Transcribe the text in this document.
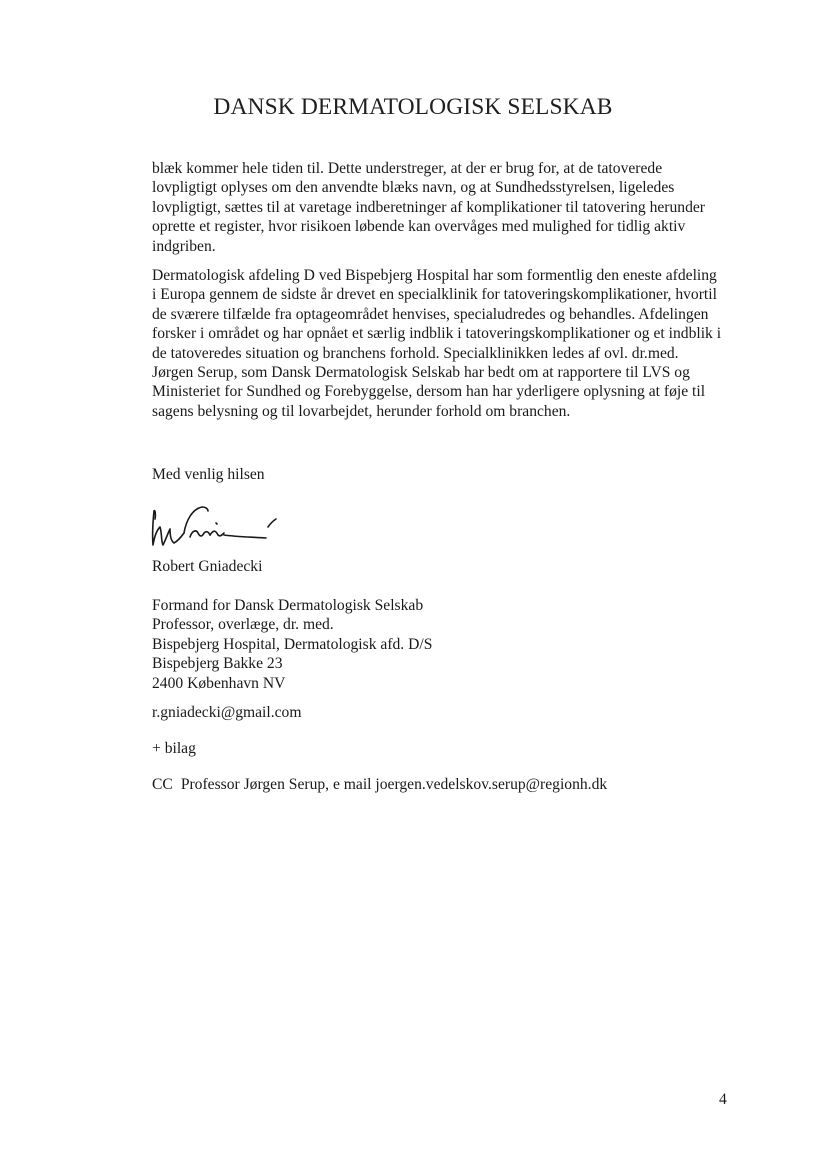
DANSK DERMATOLOGISK SELSKAB
blæk kommer hele tiden til. Dette understreger, at der er brug for, at de tatoverede
lovpligtigt oplyses om den anvendte blæks navn, og at Sundhedsstyrelsen, ligeledes
lovpligtigt, sættes til at varetage indberetninger af komplikationer til tatovering herunder
oprette et register, hvor risikoen løbende kan overvåges med mulighed for tidlig aktiv
indgriben.
Dermatologisk afdeling D ved Bispebjerg Hospital har som formentlig den eneste afdeling
i Europa gennem de sidste år drevet en specialklinik for tatoveringskomplikationer, hvortil
de sværere tilfælde fra optageområdet henvises, specialudredes og behandles. Afdelingen
forsker i området og har opnået et særlig indblik i tatoveringskomplikationer og et indblik i
de tatoveredes situation og branchens forhold. Specialklinikken ledes af ovl. dr.med.
Jørgen Serup, som Dansk Dermatologisk Selskab har bedt om at rapportere til LVS og
Ministeriet for Sundhed og Forebyggelse, dersom han har yderligere oplysning at føje til
sagens belysning og til lovarbejdet, herunder forhold om branchen.
Med venlig hilsen
Robert Gniadecki
Formand for Dansk Dermatologisk Selskab
Professor, overlæge, dr. med.
Bispebjerg Hospital, Dermatologisk afd. D/S
Bispebjerg Bakke 23
2400 København NV
r.gniadecki@gmail.com
+ bilag
CC Professor Jørgen Serup, e mail joergen.vedelskov.serup@regionh.dk
4
